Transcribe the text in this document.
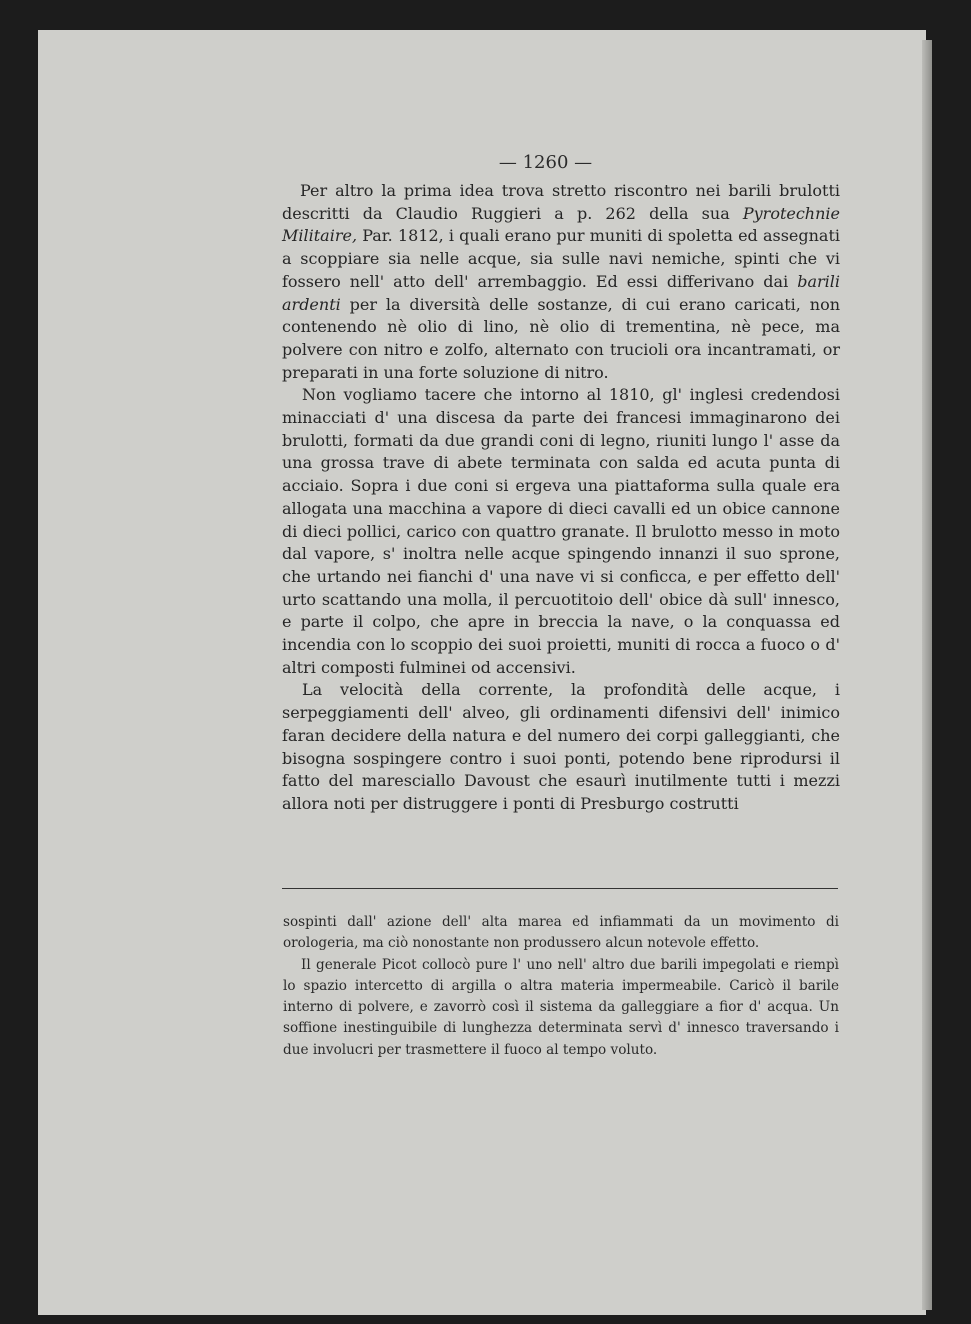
— 1260 —

Per altro la prima idea trova stretto riscontro nei barili brulotti descritti da Claudio Ruggieri a p. 262 della sua Pyrotechnie Militaire, Par. 1812, i quali erano pur muniti di spoletta ed assegnati a scoppiare sia nelle acque, sia sulle navi nemiche, spinti che vi fossero nell' atto dell' arrembaggio. Ed essi differivano dai barili ardenti per la diversità delle sostanze, di cui erano caricati, non contenendo nè olio di lino, nè olio di trementina, nè pece, ma polvere con nitro e zolfo, alternato con trucioli ora incantramati, or preparati in una forte soluzione di nitro.

Non vogliamo tacere che intorno al 1810, gl' inglesi credendosi minacciati d' una discesa da parte dei francesi immaginarono dei brulotti, formati da due grandi coni di legno, riuniti lungo l' asse da una grossa trave di abete terminata con salda ed acuta punta di acciaio. Sopra i due coni si ergeva una piattaforma sulla quale era allogata una macchina a vapore di dieci cavalli ed un obice cannone di dieci pollici, carico con quattro granate. Il brulotto messo in moto dal vapore, s' inoltra nelle acque spingendo innanzi il suo sprone, che urtando nei fianchi d' una nave vi si conficca, e per effetto dell' urto scattando una molla, il percuotitoio dell' obice dà sull' innesco, e parte il colpo, che apre in breccia la nave, o la conquassa ed incendia con lo scoppio dei suoi proietti, muniti di rocca a fuoco o d' altri composti fulminei od accensivi.

La velocità della corrente, la profondità delle acque, i serpeggiamenti dell' alveo, gli ordinamenti difensivi dell' inimico faran decidere della natura e del numero dei corpi galleggianti, che bisogna sospingere contro i suoi ponti, potendo bene riprodursi il fatto del maresciallo Davoust che esaurì inutilmente tutti i mezzi allora noti per distruggere i ponti di Presburgo costrutti

sospinti dall' azione dell' alta marea ed infiammati da un movimento di orologeria, ma ciò nonostante non produssero alcun notevole effetto.

Il generale Picot collocò pure l' uno nell' altro due barili impegolati e riempì lo spazio intercetto di argilla o altra materia impermeabile. Caricò il barile interno di polvere, e zavorrò così il sistema da galleggiare a fior d' acqua. Un soffione inestinguibile di lunghezza determinata servì d' innesco traversando i due involucri per trasmettere il fuoco al tempo voluto.
